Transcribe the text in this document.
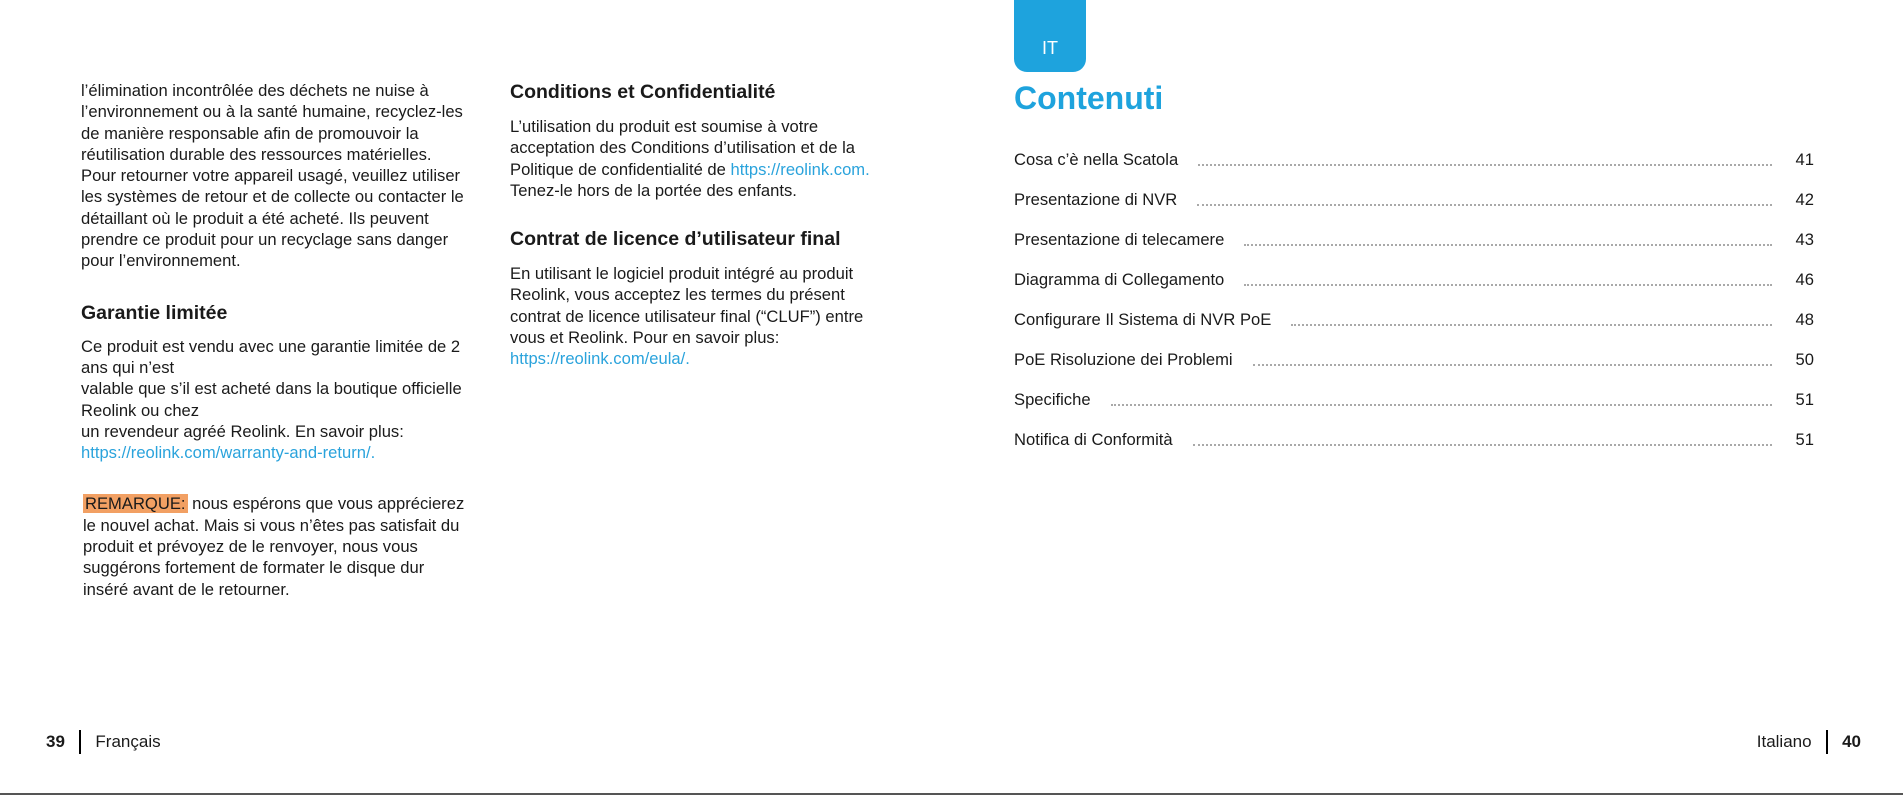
l’élimination incontrôlée des déchets ne nuise à l’environnement ou à la santé humaine, recyclez-les de manière responsable afin de promouvoir la réutilisation durable des ressources matérielles. Pour retourner votre appareil usagé, veuillez utiliser les systèmes de retour et de collecte ou contacter le détaillant où le produit a été acheté. Ils peuvent prendre ce produit pour un recyclage sans danger pour l’environnement.

Garantie limitée

Ce produit est vendu avec une garantie limitée de 2 ans qui n’est
valable que s’il est acheté dans la boutique officielle Reolink ou chez
un revendeur agréé Reolink. En savoir plus:
https://reolink.com/warranty-and-return/.

REMARQUE: nous espérons que vous apprécierez le nouvel achat. Mais si vous n’êtes pas satisfait du produit et prévoyez de le renvoyer, nous vous suggérons fortement de formater le disque dur inséré avant de le retourner.

Conditions et Confidentialité

L’utilisation du produit est soumise à votre acceptation des Conditions d’utilisation et de la Politique de confidentialité de https://reolink.com. Tenez-le hors de la portée des enfants.

Contrat de licence d’utilisateur final

En utilisant le logiciel produit intégré au produit Reolink, vous acceptez les termes du présent contrat de licence utilisateur final (“CLUF”) entre vous et Reolink. Pour en savoir plus: https://reolink.com/eula/.

IT
Contenuti
Cosa c’è nella Scatola	41
Presentazione di NVR	42
Presentazione di telecamere	43
Diagramma di Collegamento	46
Configurare Il Sistema di NVR PoE	48
PoE Risoluzione dei Problemi	50
Specifiche	51
Notifica di Conformità	51
39 Français	Italiano 40
